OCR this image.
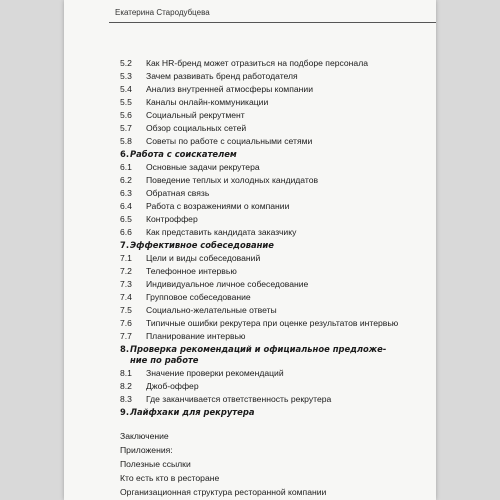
Екатерина Стародубцева
5.2 Как HR-бренд может отразиться на подборе персонала
5.3 Зачем развивать бренд работодателя
5.4 Анализ внутренней атмосферы компании
5.5 Каналы онлайн-коммуникации
5.6 Социальный рекрутмент
5.7 Обзор социальных сетей
5.8 Советы по работе с социальными сетями
6. Работа с соискателем
6.1 Основные задачи рекрутера
6.2 Поведение теплых и холодных кандидатов
6.3 Обратная связь
6.4 Работа с возражениями о компании
6.5 Контроффер
6.6 Как представить кандидата заказчику
7. Эффективное собеседование
7.1 Цели и виды собеседований
7.2 Телефонное интервью
7.3 Индивидуальное личное собеседование
7.4 Групповое собеседование
7.5 Социально-желательные ответы
7.6 Типичные ошибки рекрутера при оценке результатов интервью
7.7 Планирование интервью
8. Проверка рекомендаций и официальное предложе-
ние по работе
8.1 Значение проверки рекомендаций
8.2 Джоб-оффер
8.3 Где заканчивается ответственность рекрутера
9. Лайфхаки для рекрутера
Заключение
Приложения:
Полезные ссылки
Кто есть кто в ресторане
Организационная структура ресторанной компании
